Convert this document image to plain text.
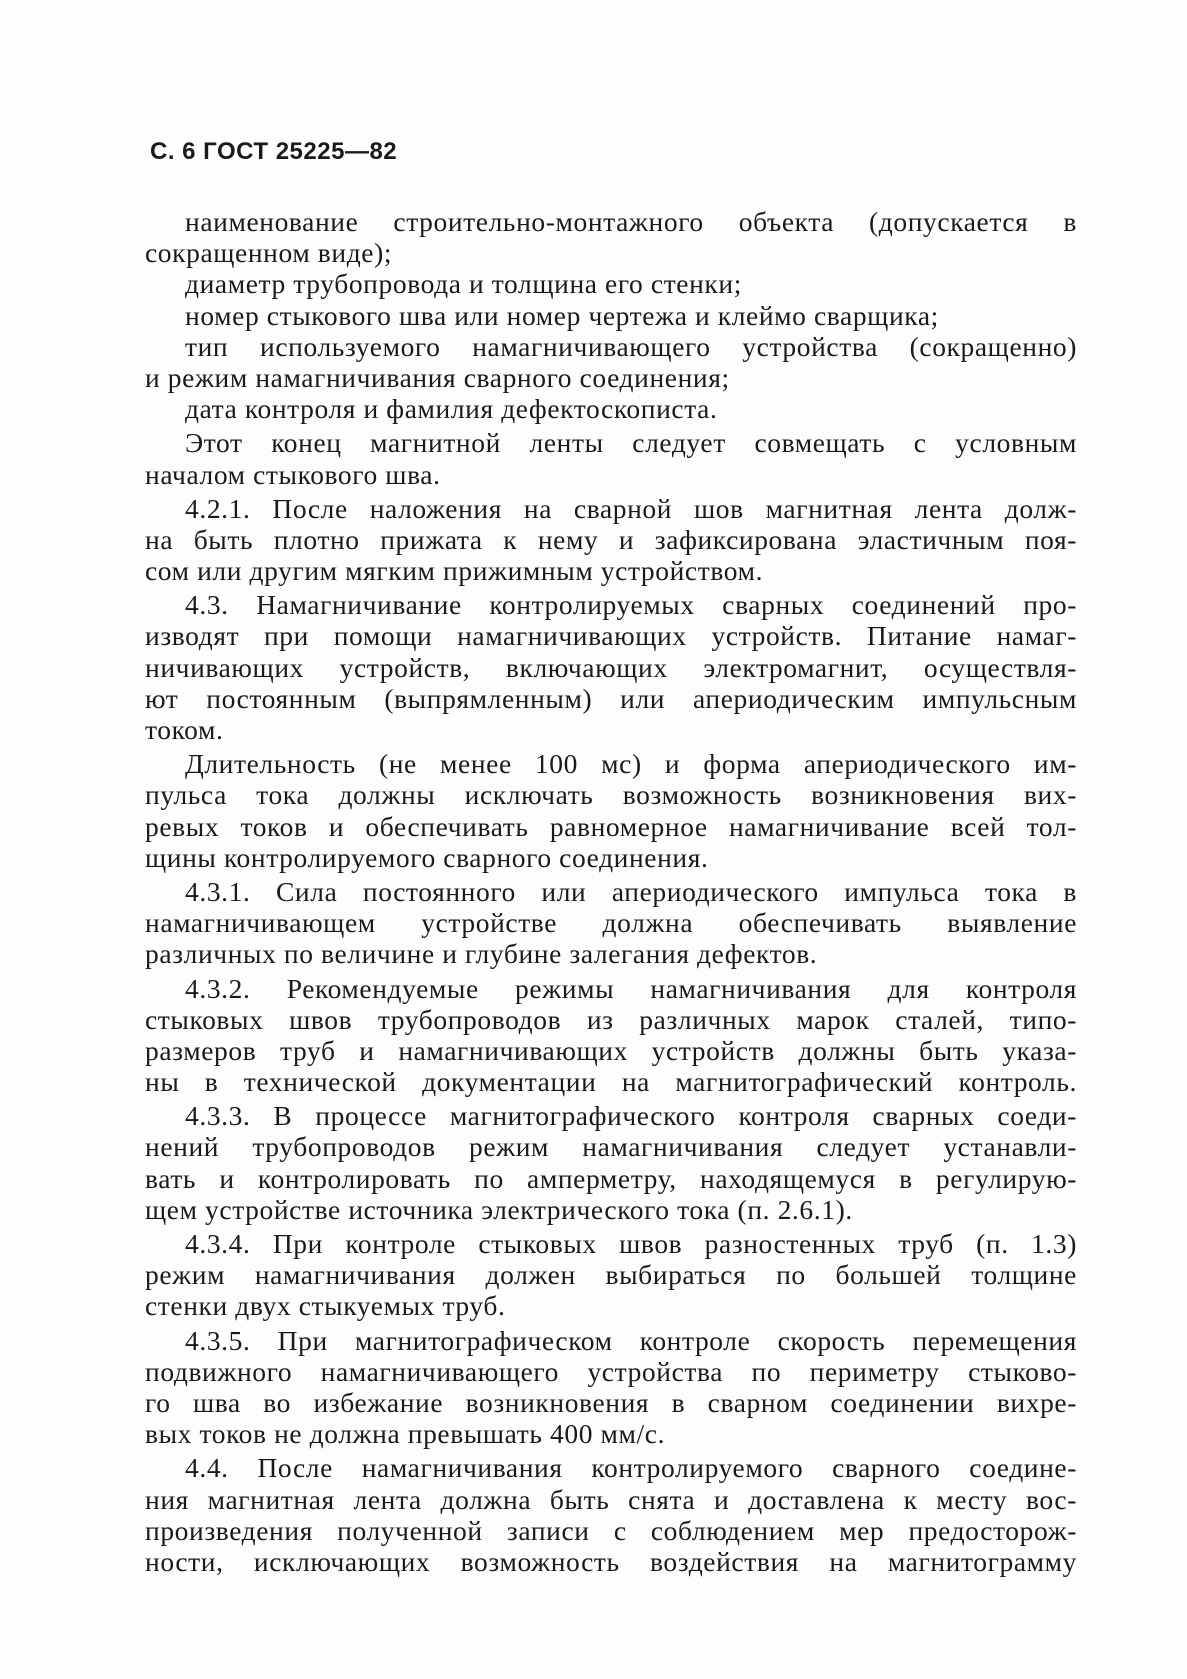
С. 6 ГОСТ 25225—82
наименование строительно-монтажного объекта (допускается в
сокращенном виде);
диаметр трубопровода и толщина его стенки;
номер стыкового шва или номер чертежа и клеймо сварщика;
тип используемого намагничивающего устройства (сокращенно)
и режим намагничивания сварного соединения;
дата контроля и фамилия дефектоскописта.
Этот конец магнитной ленты следует совмещать с условным
началом стыкового шва.
4.2.1. После наложения на сварной шов магнитная лента долж-
на быть плотно прижата к нему и зафиксирована эластичным поя-
сом или другим мягким прижимным устройством.
4.3. Намагничивание контролируемых сварных соединений про-
изводят при помощи намагничивающих устройств. Питание намаг-
ничивающих устройств, включающих электромагнит, осуществля-
ют постоянным (выпрямленным) или апериодическим импульсным
током.
Длительность (не менее 100 мс) и форма апериодического им-
пульса тока должны исключать возможность возникновения вих-
ревых токов и обеспечивать равномерное намагничивание всей тол-
щины контролируемого сварного соединения.
4.3.1. Сила постоянного или апериодического импульса тока в
намагничивающем устройстве должна обеспечивать выявление
различных по величине и глубине залегания дефектов.
4.3.2. Рекомендуемые режимы намагничивания для контроля
стыковых швов трубопроводов из различных марок сталей, типо-
размеров труб и намагничивающих устройств должны быть указа-
ны в технической документации на магнитографический контроль.
4.3.3. В процессе магнитографического контроля сварных соеди-
нений трубопроводов режим намагничивания следует устанавли-
вать и контролировать по амперметру, находящемуся в регулирую-
щем устройстве источника электрического тока (п. 2.6.1).
4.3.4. При контроле стыковых швов разностенных труб (п. 1.3)
режим намагничивания должен выбираться по большей толщине
стенки двух стыкуемых труб.
4.3.5. При магнитографическом контроле скорость перемещения
подвижного намагничивающего устройства по периметру стыково-
го шва во избежание возникновения в сварном соединении вихре-
вых токов не должна превышать 400 мм/с.
4.4. После намагничивания контролируемого сварного соедине-
ния магнитная лента должна быть снята и доставлена к месту вос-
произведения полученной записи с соблюдением мер предосторож-
ности, исключающих возможность воздействия на магнитограмму
